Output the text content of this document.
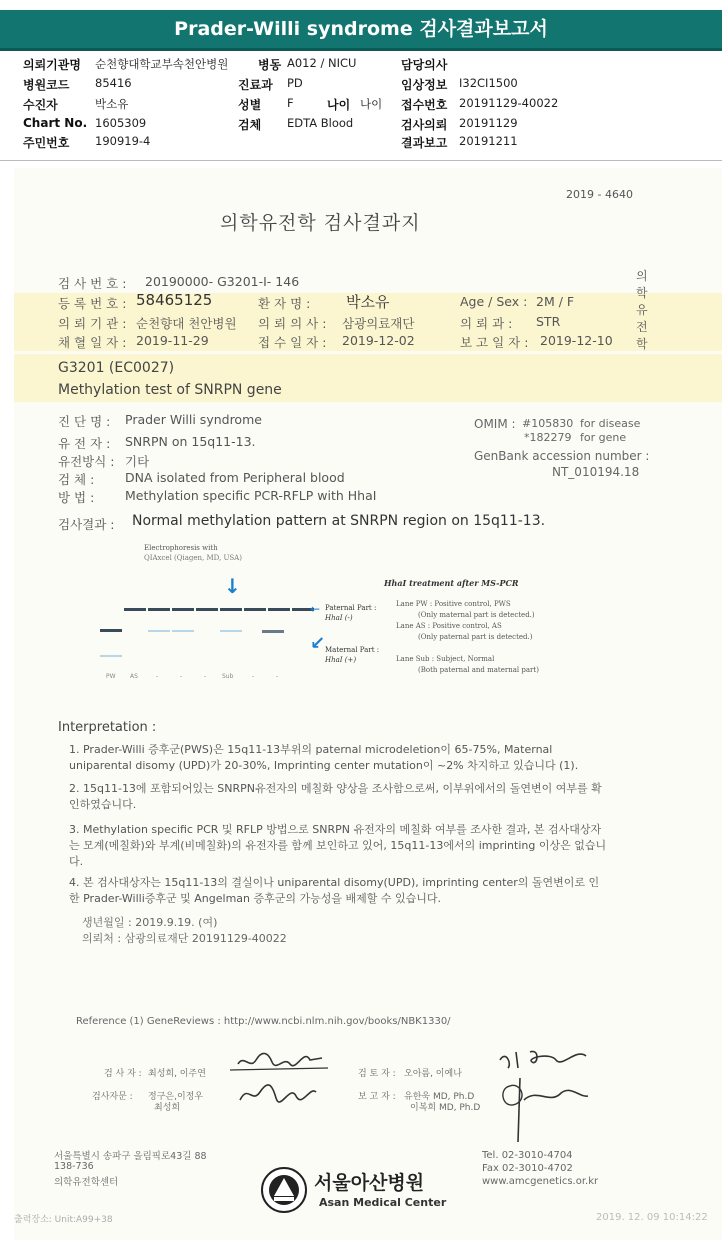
Prader-Willi syndrome 검사결과보고서
의뢰기관명 순천향대학교부속천안병원 병동 A012 / NICU	담당의사
병원코드 85416	진료과 PD	임상정보 I32CI1500
수진자	박소유	성별 F	나이 나이 접수번호 20191129-40022
Chart No. 1605309	검체 EDTA Blood	검사의뢰 20191129
주민번호 190919-4	결과보고 20191211
2019 - 4640
의학유전학 검사결과지
의학유전학
검 사 번 호 : 20190000- G3201-I- 146
등 록 번 호 : 58465125	환 자 명 : 박소유	Age / Sex : 2M / F
의 뢰 기 관 : 순천향대 천안병원 의 뢰 의 사 : 삼광의료재단	의 뢰 과 : STR
채 혈 일 자 : 2019-11-29	접 수 일 자 : 2019-12-02	보 고 일 자 : 2019-12-10
G3201 (EC0027)
Methylation test of SNRPN gene
진 단 명 : Prader Willi syndrome
유 전 자 : SNRPN on 15q11-13.
유전방식 : 기타
검 체 : DNA isolated from Peripheral blood
방 법 : Methylation specific PCR-RFLP with HhaI
OMIM : #105830 for disease
*182279 for gene
GenBank accession number :
NT_010194.18
검사결과 : Normal methylation pattern at SNRPN region on 15q11-13.
Electrophoresis with
QIAxcel (Qiagen, MD, USA)
↓
←
↙
Paternal Part :
HhaI (-)
Maternal Part :
HhaI (+)
PW AS	-	-	-	Sub	-	-
HhaI treatment after MS-PCR
Lane PW : Positive control, PWS
(Only maternal part is detected.)
Lane AS : Positive control, AS
(Only paternal part is detected.)
Lane Sub : Subject, Normal
(Both paternal and maternal part)
Interpretation :
1. Prader-Willi 증후군(PWS)은 15q11-13부위의 paternal microdeletion이 65-75%, Maternal uniparental disomy (UPD)가 20-30%, Imprinting center mutation이 ~2% 차지하고 있습니다 (1).
2. 15q11-13에 포함되어있는 SNRPN유전자의 메칠화 양상을 조사함으로써, 이부위에서의 돌연변이 여부를 확인하였습니다.
3. Methylation specific PCR 및 RFLP 방법으로 SNRPN 유전자의 메칠화 여부를 조사한 결과, 본 검사대상자는 모계(메칠화)와 부계(비메칠화)의 유전자를 함께 보인하고 있어, 15q11-13에서의 imprinting 이상은 없습니다.
4. 본 검사대상자는 15q11-13의 결실이나 uniparental disomy(UPD), imprinting center의 돌연변이로 인한 Prader-Willi증후군 및 Angelman 증후군의 가능성을 배제할 수 있습니다.
생년월일 : 2019.9.19. (여)
의뢰처 : 삼광의료재단 20191129-40022
Reference (1) GeneReviews : http://www.ncbi.nlm.nih.gov/books/NBK1330/
검 사 자 : 최성희, 이주연
검사자문 : 정구은,이정우
최성희
검 토 자 : 오아름, 이예나
보 고 자 : 유한욱 MD, Ph.D
이복희 MD, Ph.D
서울특별시 송파구 올림픽로43길 88
138-736
의학유전학센터	서울아산병원
Asan Medical Center
Tel. 02-3010-4704
Fax 02-3010-4702
www.amcgenetics.or.kr
출력장소: Unit:A99+38	2019. 12. 09 10:14:22
